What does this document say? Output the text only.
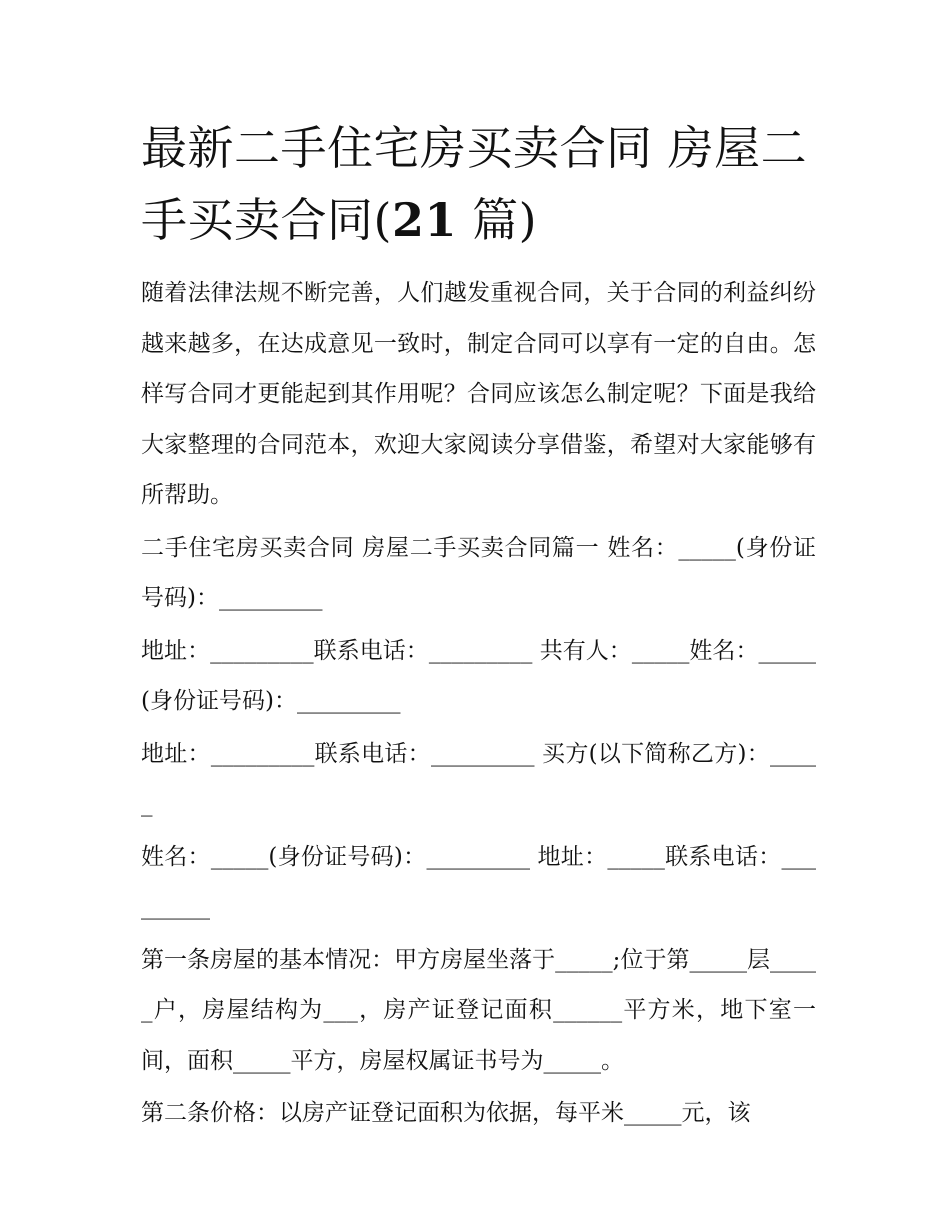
最新二手住宅房买卖合同 房屋二手买卖合同(21 篇)

随着法律法规不断完善，人们越发重视合同，关于合同的利益纠纷越来越多，在达成意见一致时，制定合同可以享有一定的自由。怎样写合同才更能起到其作用呢？合同应该怎么制定呢？下面是我给大家整理的合同范本，欢迎大家阅读分享借鉴，希望对大家能够有所帮助。

二手住宅房买卖合同 房屋二手买卖合同篇一 姓名：_____(身份证号码)：_________

地址：_________联系电话：_________ 共有人：_____姓名：_____(身份证号码)：_________

地址：_________联系电话：_________ 买方(以下简称乙方)：_____

姓名：_____(身份证号码)：_________ 地址：_____联系电话：_________

第一条房屋的基本情况：甲方房屋坐落于_____;位于第_____层_____户，房屋结构为___，房产证登记面积______平方米，地下室一间，面积_____平方，房屋权属证书号为_____。

第二条价格：以房产证登记面积为依据，每平米_____元，该
